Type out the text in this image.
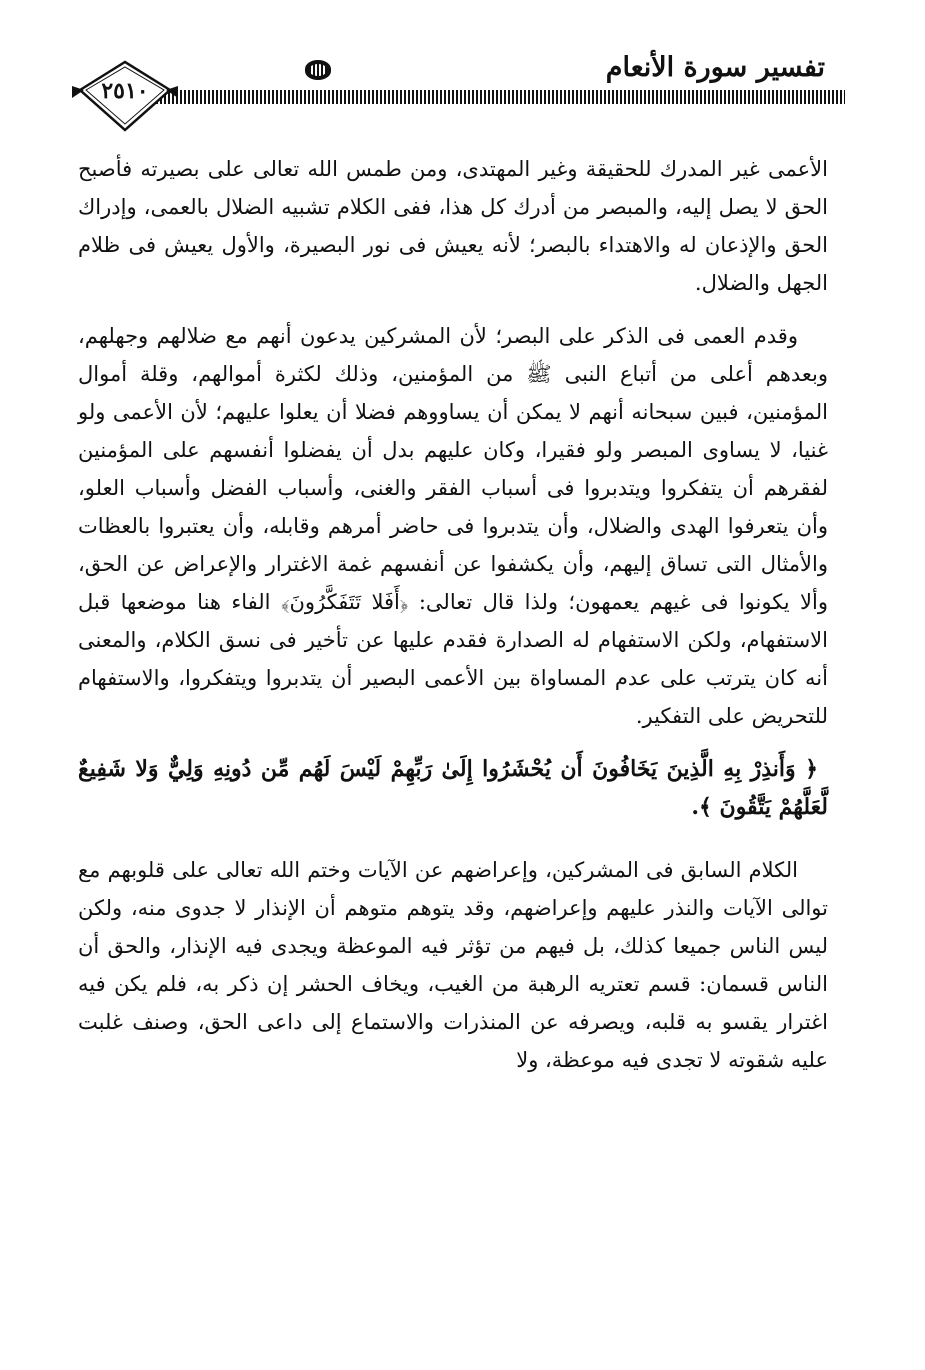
تفسير سورة الأنعام
٢٥١٠

الأعمى غير المدرك للحقيقة وغير المهتدى، ومن طمس الله تعالى على بصيرته فأصبح الحق لا يصل إليه، والمبصر من أدرك كل هذا، ففى الكلام تشبيه الضلال بالعمى، وإدراك الحق والإذعان له والاهتداء بالبصر؛ لأنه يعيش فى نور البصيرة، والأول يعيش فى ظلام الجهل والضلال.

وقدم العمى فى الذكر على البصر؛ لأن المشركين يدعون أنهم مع ضلالهم وجهلهم، وبعدهم أعلى من أتباع النبى ﷺ من المؤمنين، وذلك لكثرة أموالهم، وقلة أموال المؤمنين، فبين سبحانه أنهم لا يمكن أن يساووهم فضلا أن يعلوا عليهم؛ لأن الأعمى ولو غنيا، لا يساوى المبصر ولو فقيرا، وكان عليهم بدل أن يفضلوا أنفسهم على المؤمنين لفقرهم أن يتفكروا ويتدبروا فى أسباب الفقر والغنى، وأسباب الفضل وأسباب العلو، وأن يتعرفوا الهدى والضلال، وأن يتدبروا فى حاضر أمرهم وقابله، وأن يعتبروا بالعظات والأمثال التى تساق إليهم، وأن يكشفوا عن أنفسهم غمة الاغترار والإعراض عن الحق، وألا يكونوا فى غيهم يعمهون؛ ولذا قال تعالى: ﴿أَفَلا تَتَفَكَّرُونَ﴾ الفاء هنا موضعها قبل الاستفهام، ولكن الاستفهام له الصدارة فقدم عليها عن تأخير فى نسق الكلام، والمعنى أنه كان يترتب على عدم المساواة بين الأعمى البصير أن يتدبروا ويتفكروا، والاستفهام للتحريض على التفكير.

﴿ وَأَنذِرْ بِهِ الَّذِينَ يَخَافُونَ أَن يُحْشَرُوا إِلَىٰ رَبِّهِمْ لَيْسَ لَهُم مِّن دُونِهِ وَلِيٌّ وَلا شَفِيعٌ لَّعَلَّهُمْ يَتَّقُونَ ﴾.

الكلام السابق فى المشركين، وإعراضهم عن الآيات وختم الله تعالى على قلوبهم مع توالى الآيات والنذر عليهم وإعراضهم، وقد يتوهم متوهم أن الإنذار لا جدوى منه، ولكن ليس الناس جميعا كذلك، بل فيهم من تؤثر فيه الموعظة ويجدى فيه الإنذار، والحق أن الناس قسمان: قسم تعتريه الرهبة من الغيب، ويخاف الحشر إن ذكر به، فلم يكن فيه اغترار يقسو به قلبه، ويصرفه عن المنذرات والاستماع إلى داعى الحق، وصنف غلبت عليه شقوته لا تجدى فيه موعظة، ولا
